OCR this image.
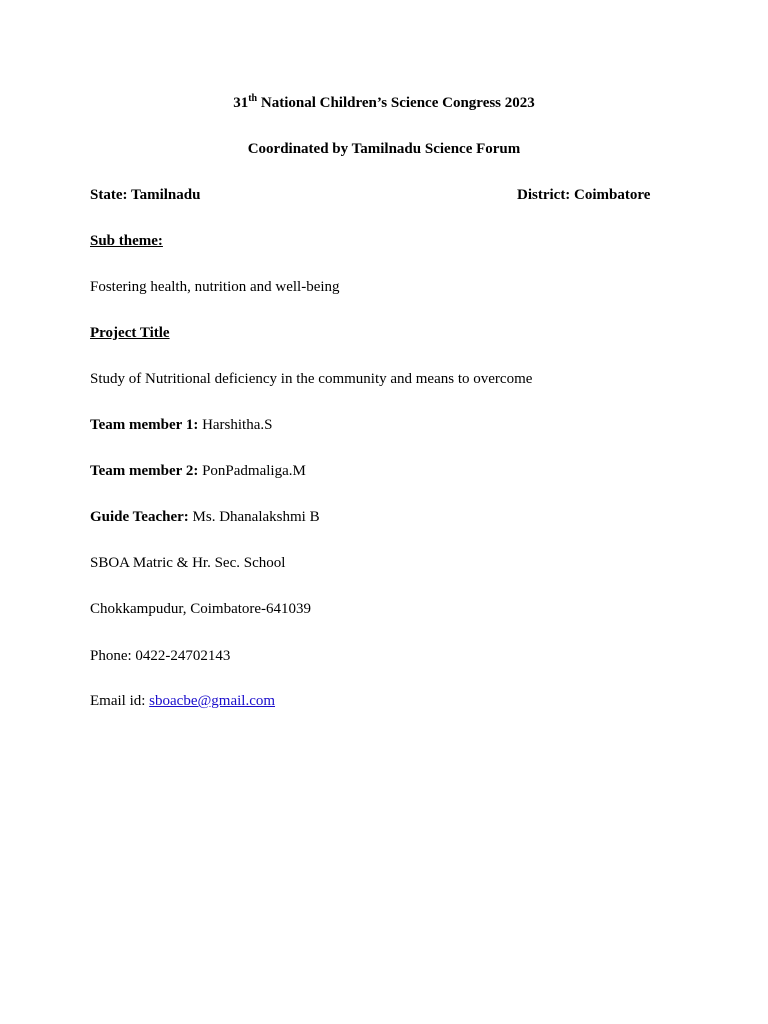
31th National Children’s Science Congress 2023
Coordinated by Tamilnadu Science Forum
State: Tamilnadu	District: Coimbatore
Sub theme:
Fostering health, nutrition and well-being
Project Title
Study of Nutritional deficiency in the community and means to overcome
Team member 1: Harshitha.S
Team member 2: PonPadmaliga.M
Guide Teacher: Ms. Dhanalakshmi B
SBOA Matric & Hr. Sec. School
Chokkampudur, Coimbatore-641039
Phone: 0422-24702143
Email id: sboacbe@gmail.com
